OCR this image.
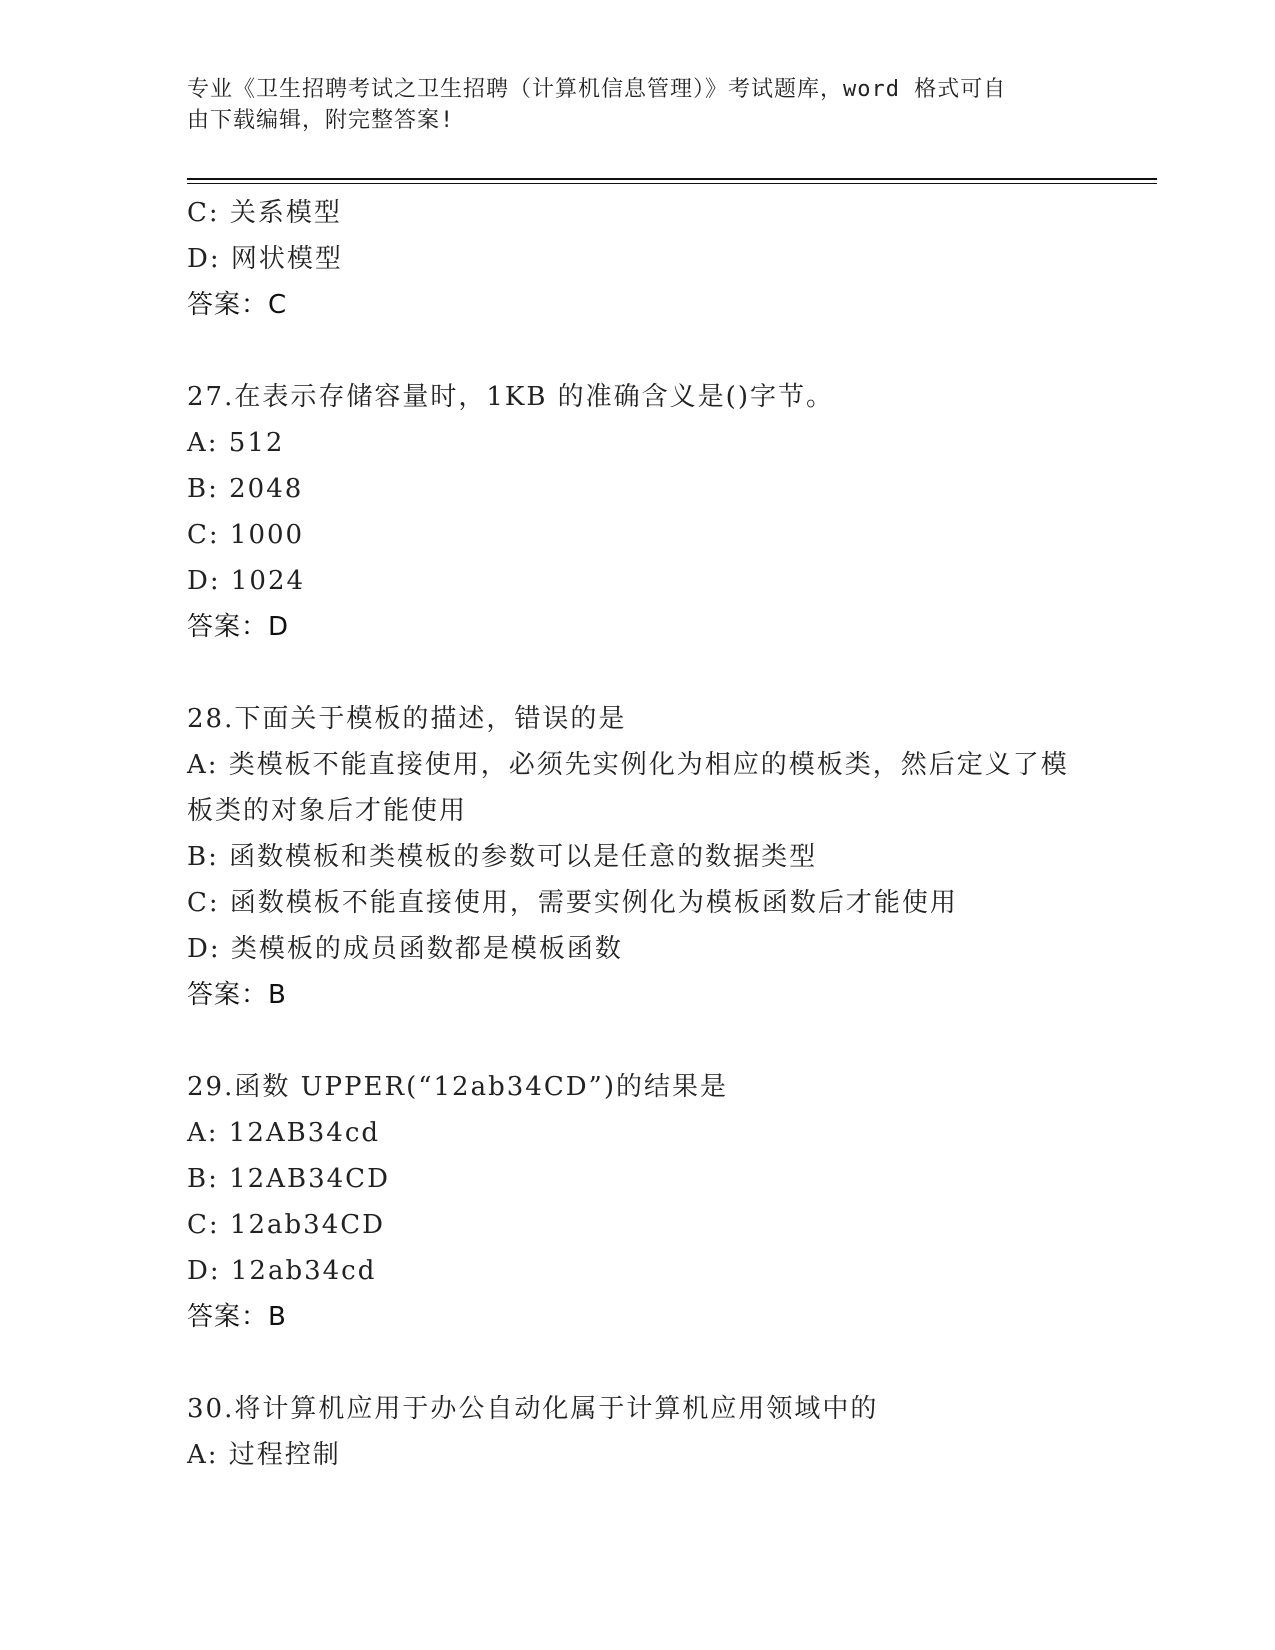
专业《卫生招聘考试之卫生招聘（计算机信息管理）》考试题库，word 格式可自
由下载编辑，附完整答案!
C: 关系模型
D: 网状模型
答案：C
27.在表示存储容量时，1KB 的准确含义是()字节。
A: 512
B: 2048
C: 1000
D: 1024
答案：D
28.下面关于模板的描述，错误的是
A: 类模板不能直接使用，必须先实例化为相应的模板类，然后定义了模板类的对象后才能使用
B: 函数模板和类模板的参数可以是任意的数据类型
C: 函数模板不能直接使用，需要实例化为模板函数后才能使用
D: 类模板的成员函数都是模板函数
答案：B
29.函数 UPPER(“12ab34CD”)的结果是
A: 12AB34cd
B: 12AB34CD
C: 12ab34CD
D: 12ab34cd
答案：B
30.将计算机应用于办公自动化属于计算机应用领域中的
A: 过程控制
